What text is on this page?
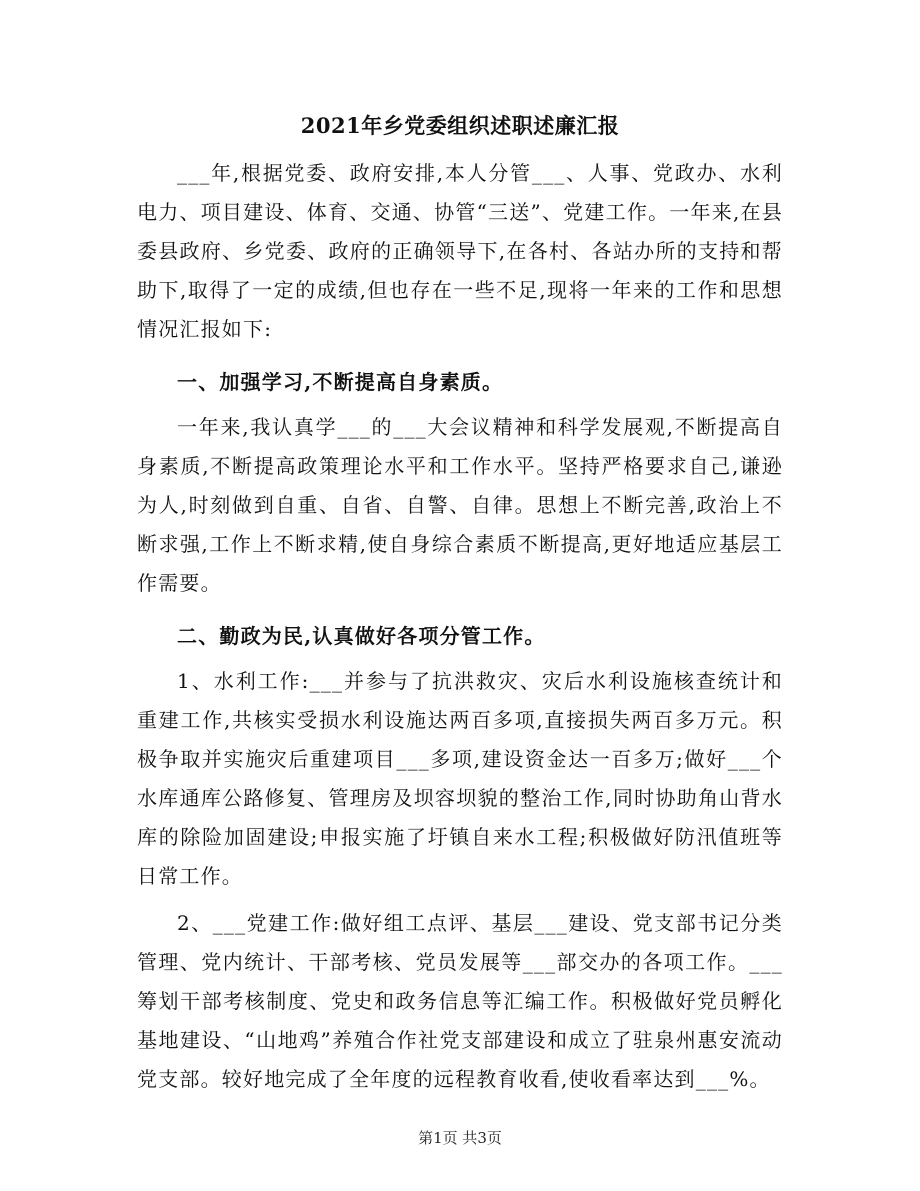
2021年乡党委组织述职述廉汇报

___年,根据党委、政府安排,本人分管___、人事、党政办、水利电力、项目建设、体育、交通、协管“三送”、党建工作。一年来,在县委县政府、乡党委、政府的正确领导下,在各村、各站办所的支持和帮助下,取得了一定的成绩,但也存在一些不足,现将一年来的工作和思想情况汇报如下:

一、加强学习,不断提高自身素质。

一年来,我认真学___的___大会议精神和科学发展观,不断提高自身素质,不断提高政策理论水平和工作水平。坚持严格要求自己,谦逊为人,时刻做到自重、自省、自警、自律。思想上不断完善,政治上不断求强,工作上不断求精,使自身综合素质不断提高,更好地适应基层工作需要。

二、勤政为民,认真做好各项分管工作。

1、水利工作:___并参与了抗洪救灾、灾后水利设施核查统计和重建工作,共核实受损水利设施达两百多项,直接损失两百多万元。积极争取并实施灾后重建项目___多项,建设资金达一百多万;做好___个水库通库公路修复、管理房及坝容坝貌的整治工作,同时协助角山背水库的除险加固建设;申报实施了圩镇自来水工程;积极做好防汛值班等日常工作。

2、___党建工作:做好组工点评、基层___建设、党支部书记分类管理、党内统计、干部考核、党员发展等___部交办的各项工作。___筹划干部考核制度、党史和政务信息等汇编工作。积极做好党员孵化基地建设、“山地鸡”养殖合作社党支部建设和成立了驻泉州惠安流动党支部。较好地完成了全年度的远程教育收看,使收看率达到___%。

第1页 共3页
